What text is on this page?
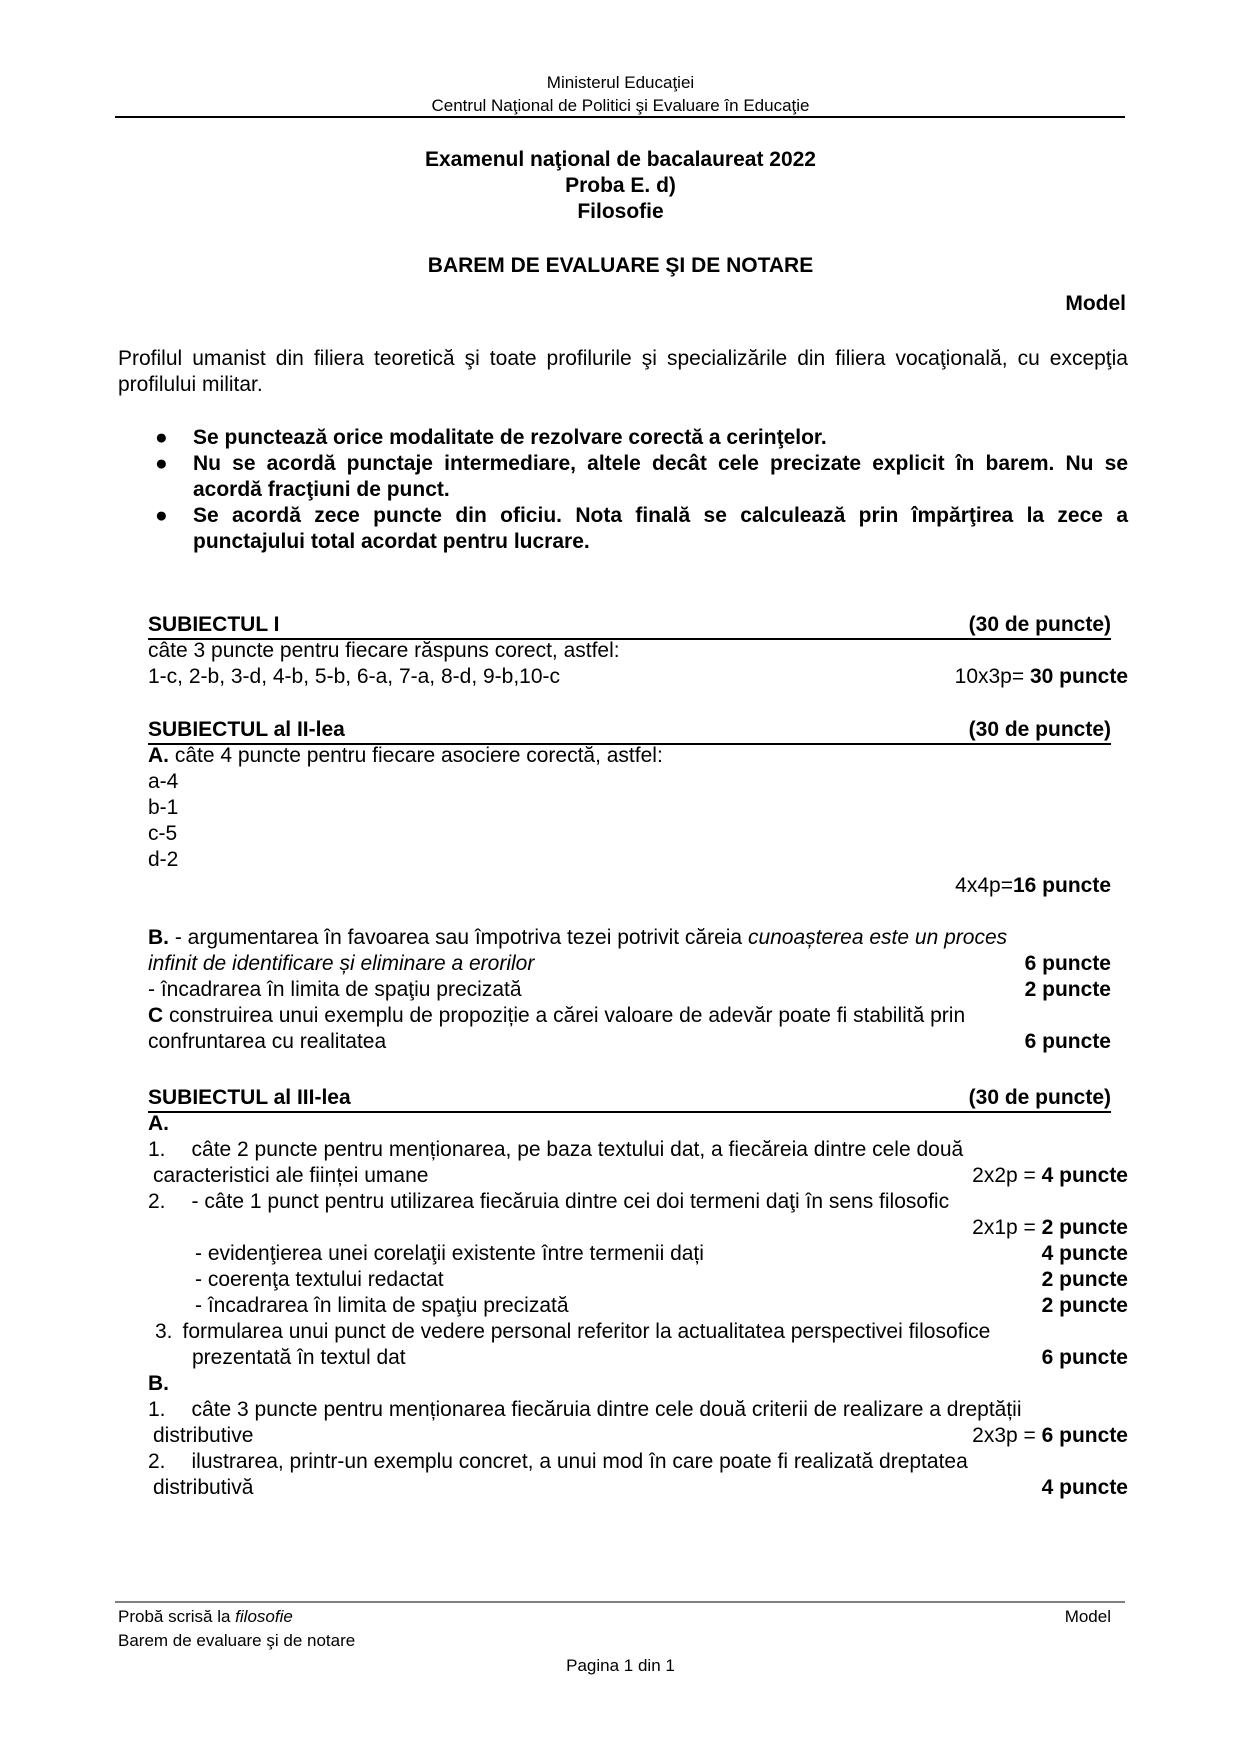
Ministerul Educaţiei
Centrul Naţional de Politici şi Evaluare în Educaţie
Examenul naţional de bacalaureat 2022
Proba E. d)
Filosofie
BAREM DE EVALUARE ŞI DE NOTARE
Model
Profilul umanist din filiera teoretică şi toate profilurile şi specializările din filiera vocaţională, cu excepţia profilului militar.
●	Se punctează orice modalitate de rezolvare corectă a cerinţelor.
●	Nu se acordă punctaje intermediare, altele decât cele precizate explicit în barem. Nu se acordă fracţiuni de punct.
●	Se acordă zece puncte din oficiu. Nota finală se calculează prin împărţirea la zece a punctajului total acordat pentru lucrare.
SUBIECTUL I	(30 de puncte)
câte 3 puncte pentru fiecare răspuns corect, astfel:
1-c, 2-b, 3-d, 4-b, 5-b, 6-a, 7-a, 8-d, 9-b,10-c	10x3p= 30 puncte
SUBIECTUL al II-lea	(30 de puncte)
A. câte 4 puncte pentru fiecare asociere corectă, astfel:
a-4
b-1
c-5
d-2
4x4p=16 puncte
B. - argumentarea în favoarea sau împotriva tezei potrivit căreia cunoașterea este un proces
infinit de identificare și eliminare a erorilor	6 puncte
- încadrarea în limita de spaţiu precizată	2 puncte
C construirea unui exemplu de propoziție a cărei valoare de adevăr poate fi stabilită prin
confruntarea cu realitatea	6 puncte
SUBIECTUL al III-lea	(30 de puncte)
A.
1. câte 2 puncte pentru menționarea, pe baza textului dat, a fiecăreia dintre cele două
caracteristici ale ființei umane	2x2p = 4 puncte
2. - câte 1 punct pentru utilizarea fiecăruia dintre cei doi termeni daţi în sens filosofic
2x1p = 2 puncte
- evidenţierea unei corelaţii existente între termenii dați	4 puncte
- coerenţa textului redactat	2 puncte
- încadrarea în limita de spaţiu precizată	2 puncte
3. formularea unui punct de vedere personal referitor la actualitatea perspectivei filosofice
prezentată în textul dat	6 puncte
B.
1. câte 3 puncte pentru menționarea fiecăruia dintre cele două criterii de realizare a dreptății
distributive	2x3p = 6 puncte
2. ilustrarea, printr-un exemplu concret, a unui mod în care poate fi realizată dreptatea
distributivă	4 puncte
Probă scrisă la filosofie	Model
Barem de evaluare şi de notare
Pagina 1 din 1
